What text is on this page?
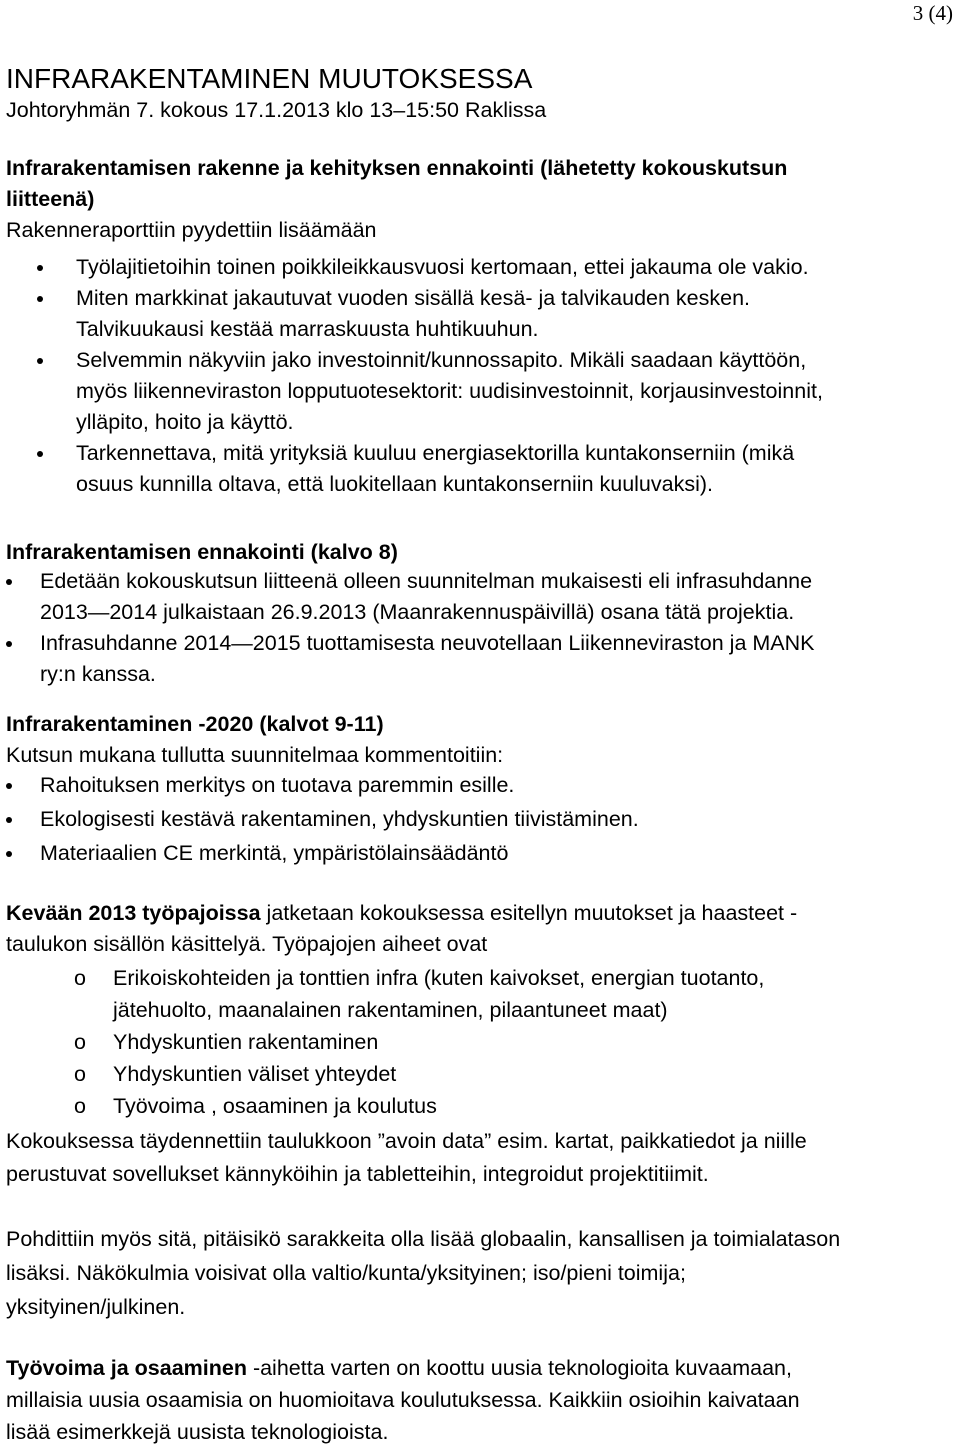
3 (4)
INFRARAKENTAMINEN MUUTOKSESSA
Johtoryhmän 7. kokous 17.1.2013 klo 13–15:50 Raklissa
Infrarakentamisen rakenne ja kehityksen ennakointi (lähetetty kokouskutsun
liitteenä)
Rakenneraporttiin pyydettiin lisäämään
Työlajitietoihin toinen poikkileikkausvuosi kertomaan, ettei jakauma ole vakio.
Miten markkinat jakautuvat vuoden sisällä kesä- ja talvikauden kesken.
Talvikuukausi kestää marraskuusta huhtikuuhun.
Selvemmin näkyviin jako investoinnit/kunnossapito. Mikäli saadaan käyttöön,
myös liikenneviraston lopputuotesektorit: uudisinvestoinnit, korjausinvestoinnit,
ylläpito, hoito ja käyttö.
Tarkennettava, mitä yrityksiä kuuluu energiasektorilla kuntakonserniin (mikä
osuus kunnilla oltava, että luokitellaan kuntakonserniin kuuluvaksi).
Infrarakentamisen ennakointi (kalvo 8)
Edetään kokouskutsun liitteenä olleen suunnitelman mukaisesti eli infrasuhdanne
2013—2014 julkaistaan 26.9.2013 (Maanrakennuspäivillä) osana tätä projektia.
Infrasuhdanne 2014—2015 tuottamisesta neuvotellaan Liikenneviraston ja MANK
ry:n kanssa.
Infrarakentaminen -2020 (kalvot 9-11)
Kutsun mukana tullutta suunnitelmaa kommentoitiin:
Rahoituksen merkitys on tuotava paremmin esille.
Ekologisesti kestävä rakentaminen, yhdyskuntien tiivistäminen.
Materiaalien CE merkintä, ympäristölainsäädäntö
Kevään 2013 työpajoissa jatketaan kokouksessa esitellyn muutokset ja haasteet -
taulukon sisällön käsittelyä. Työpajojen aiheet ovat
o Erikoiskohteiden ja tonttien infra (kuten kaivokset, energian tuotanto,
jätehuolto, maanalainen rakentaminen, pilaantuneet maat)
o Yhdyskuntien rakentaminen
o Yhdyskuntien väliset yhteydet
o Työvoima , osaaminen ja koulutus
Kokouksessa täydennettiin taulukkoon ”avoin data” esim. kartat, paikkatiedot ja niille
perustuvat sovellukset kännyköihin ja tabletteihin, integroidut projektitiimit.
Pohdittiin myös sitä, pitäisikö sarakkeita olla lisää globaalin, kansallisen ja toimialatason
lisäksi. Näkökulmia voisivat olla valtio/kunta/yksityinen; iso/pieni toimija;
yksityinen/julkinen.
Työvoima ja osaaminen -aihetta varten on koottu uusia teknologioita kuvaamaan,
millaisia uusia osaamisia on huomioitava koulutuksessa. Kaikkiin osioihin kaivataan
lisää esimerkkejä uusista teknologioista.
